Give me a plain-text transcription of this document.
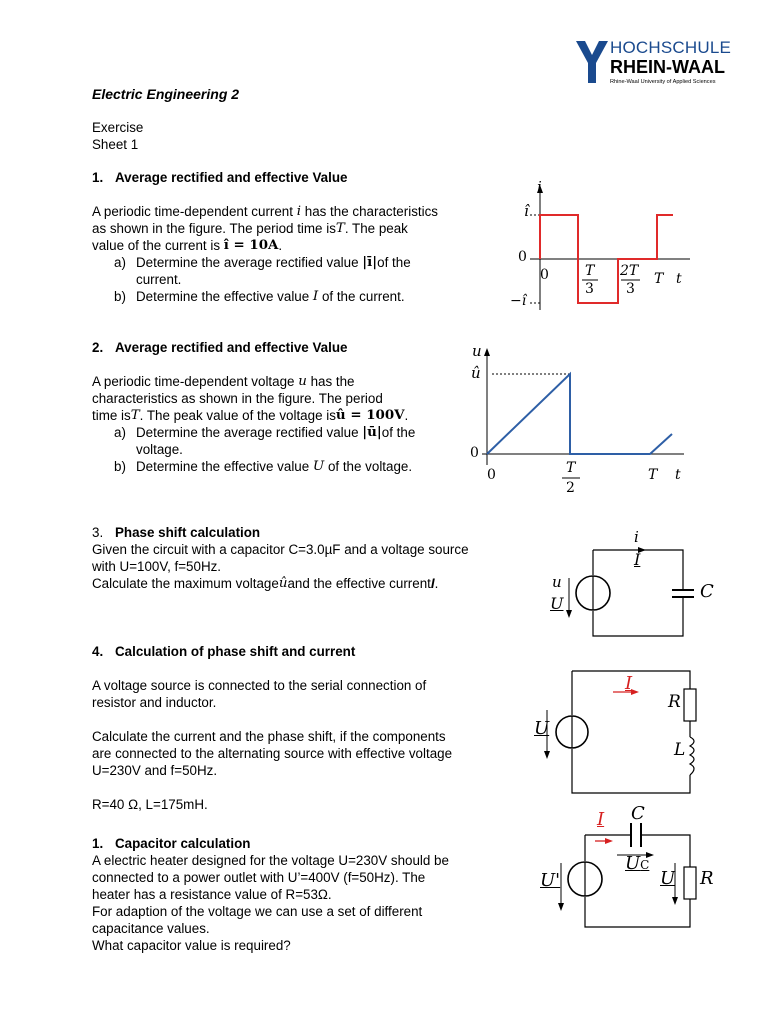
HOCHSCHULE
RHEIN-WAAL
Rhine-Waal University of Applied Sciences
Electric Engineering 2
Exercise
Sheet 1
1. Average rectified and effective Value
A periodic time-dependent current
i
has the characteristics
as shown in the figure. The period time is T . The peak
value of the current is
î = 10A .
a) Determine the average rectified value
|ī| of the
current.
b) Determine the effective value
I
of the current.
i
î
0
−î
0	T
3
2T
3
T t
2. Average rectified and effective Value
A periodic time-dependent voltage
u
has the
characteristics as shown in the figure. The period
time is T . The peak value of the voltage is û = 100V .
a) Determine the average rectified value
|ū| of the
voltage.
b) Determine the effective value
U
of the voltage.
u
û
0
0	T
2
T t
3. Phase shift calculation
Given the circuit with a capacitor C=3.0µF and a voltage source
with U=100V, f=50Hz.
Calculate the maximum voltage û and the effective current I .
i
I
u
U
C
4. Calculation of phase shift and current
A voltage source is connected to the serial connection of
resistor and inductor.
Calculate the current and the phase shift, if the components
are connected to the alternating source with effective voltage
U=230V and f=50Hz.
R=40 Ω, L=175mH.
I
U
R
L
1. Capacitor calculation
A electric heater designed for the voltage U=230V should be
connected to a power outlet with U’=400V (f=50Hz). The
heater has a resistance value of R=53Ω.
For adaption of the voltage we can use a set of different
capacitance values.
What capacitor value is required?
I C
UC
U'	U R
